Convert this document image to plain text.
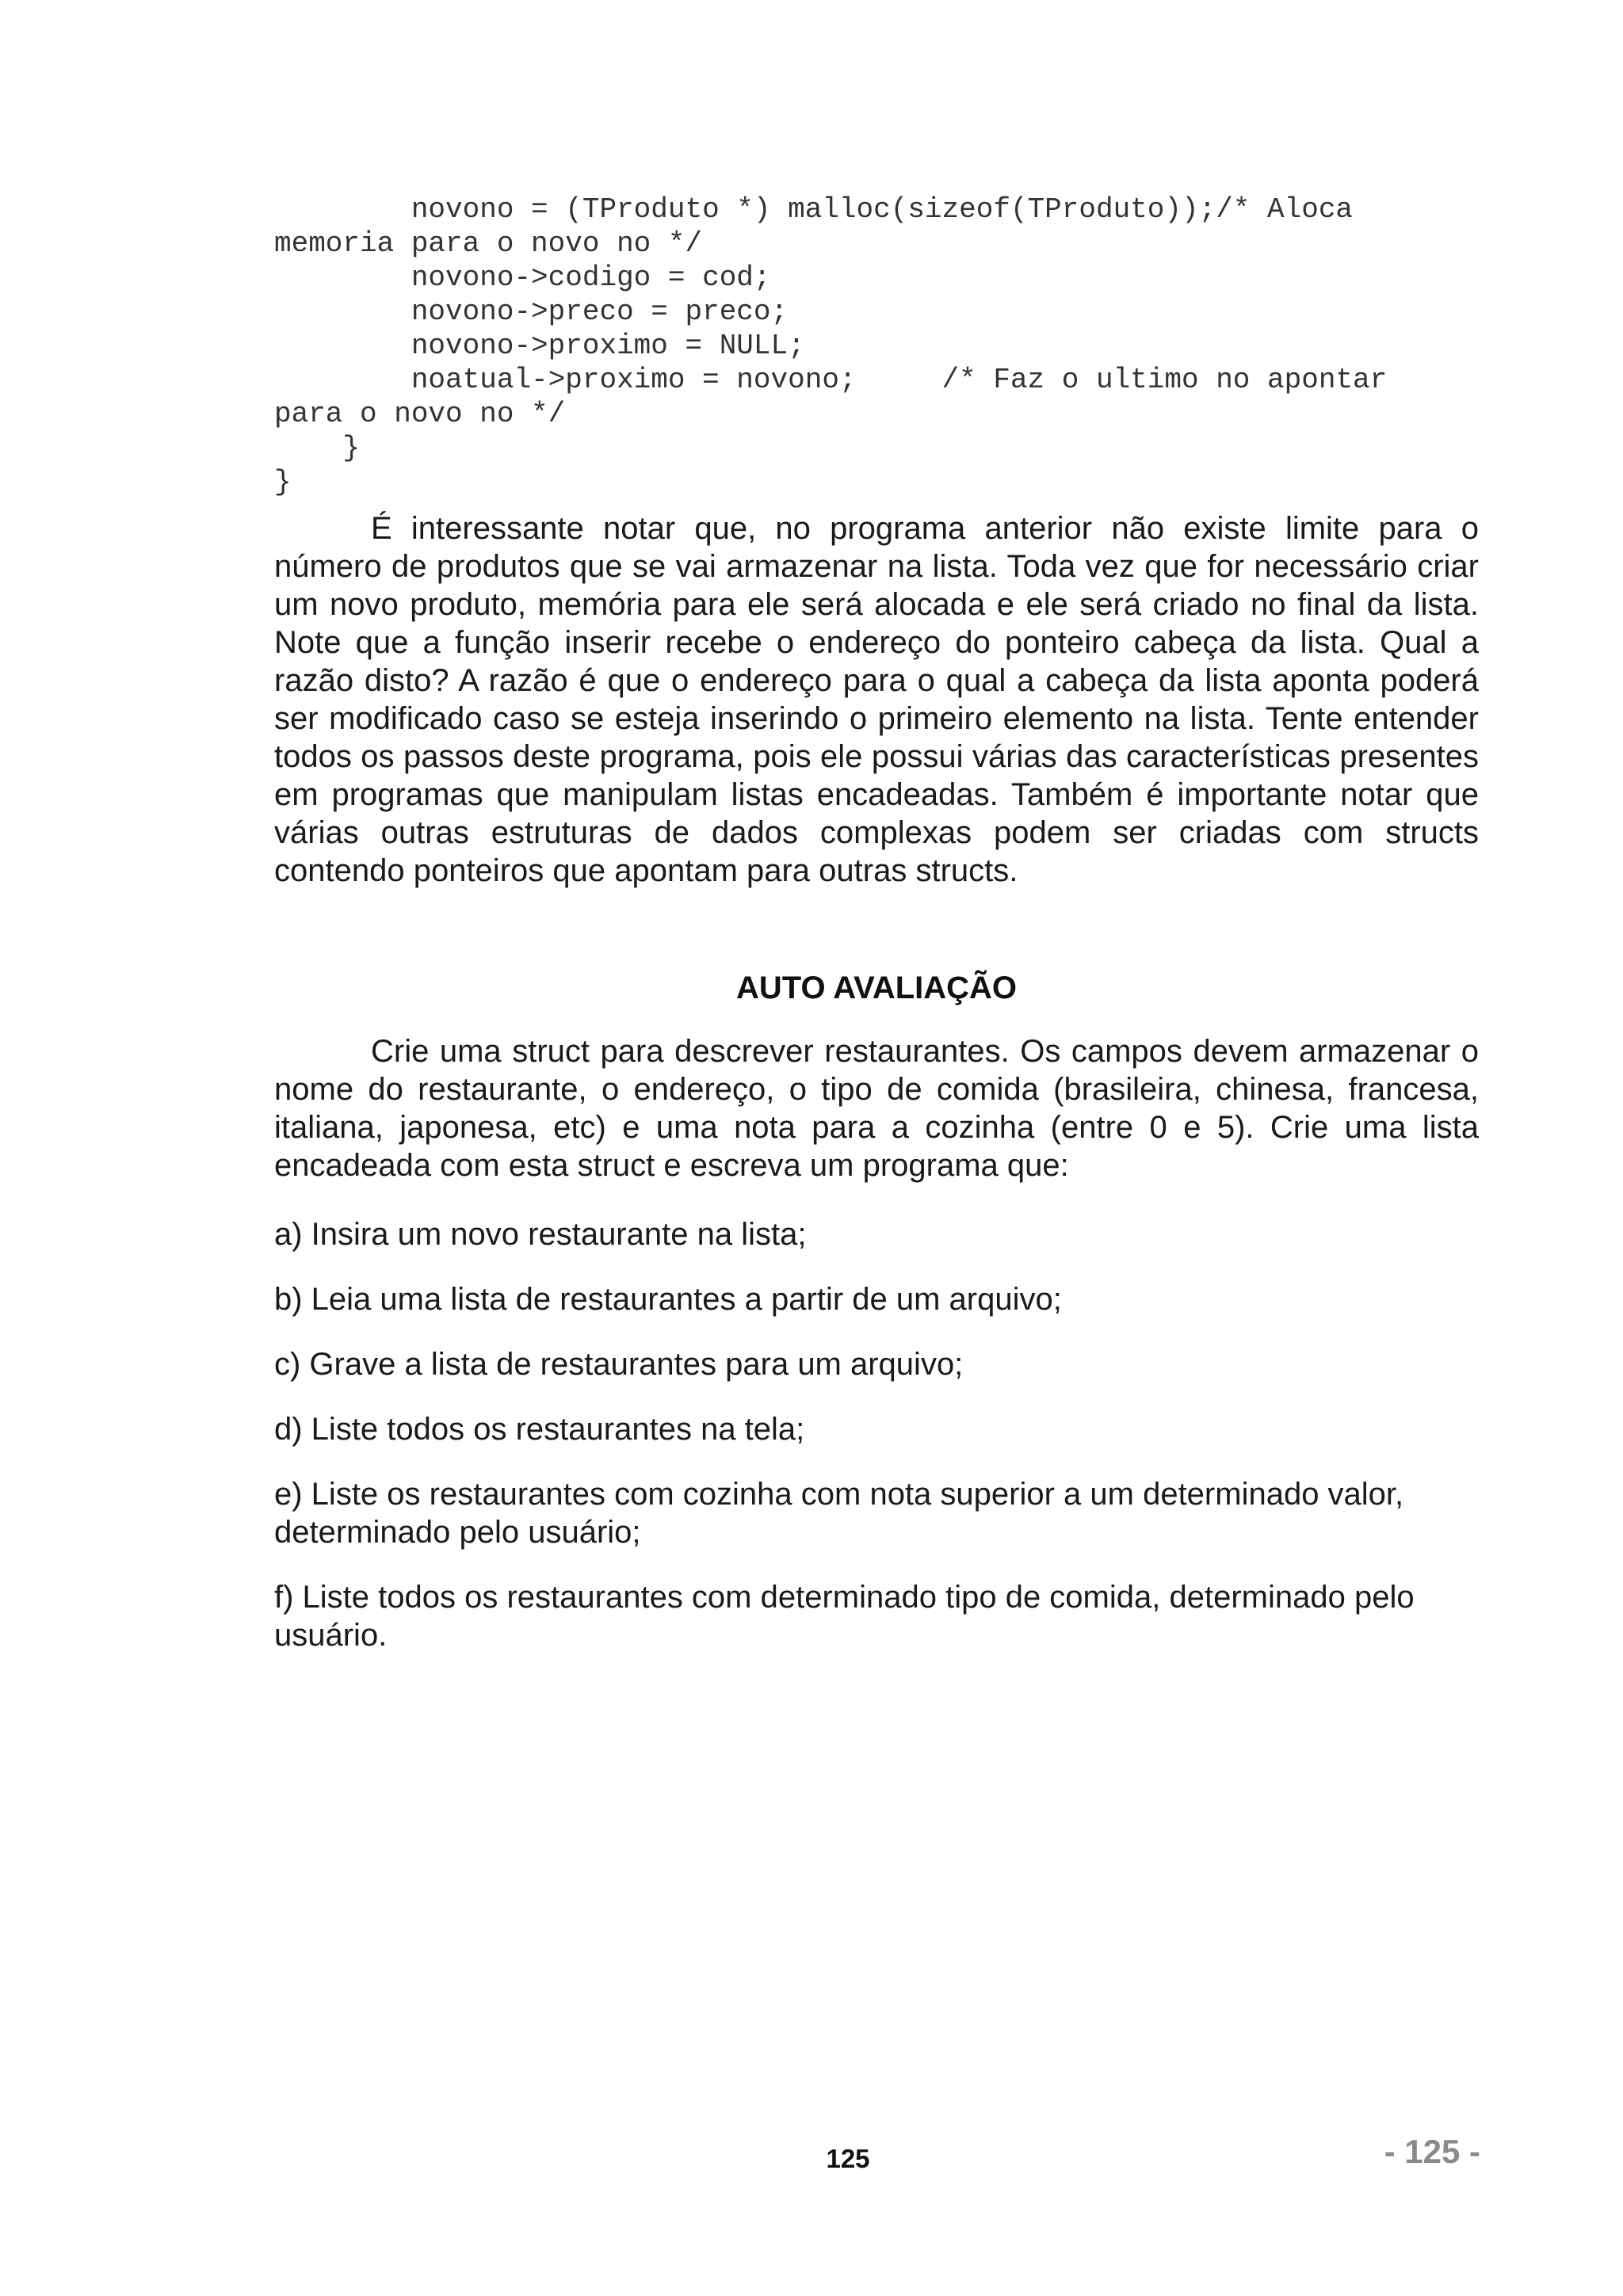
novono = (TProduto *) malloc(sizeof(TProduto));/* Aloca
memoria para o novo no */
novono->codigo = cod;
novono->preco = preco;
novono->proximo = NULL;
noatual->proximo = novono;     /* Faz o ultimo no apontar
para o novo no */
}
}

É interessante notar que, no programa anterior não existe limite para o número de produtos que se vai armazenar na lista. Toda vez que for necessário criar um novo produto, memória para ele será alocada e ele será criado no final da lista. Note que a função inserir recebe o endereço do ponteiro cabeça da lista. Qual a razão disto? A razão é que o endereço para o qual a cabeça da lista aponta poderá ser modificado caso se esteja inserindo o primeiro elemento na lista. Tente entender todos os passos deste programa, pois ele possui várias das características presentes em programas que manipulam listas encadeadas. Também é importante notar que várias outras estruturas de dados complexas podem ser criadas com structs contendo ponteiros que apontam para outras structs.

AUTO AVALIAÇÃO

Crie uma struct para descrever restaurantes. Os campos devem armazenar o nome do restaurante, o endereço, o tipo de comida (brasileira, chinesa, francesa, italiana, japonesa, etc) e uma nota para a cozinha (entre 0 e 5). Crie uma lista encadeada com esta struct e escreva um programa que:

a) Insira um novo restaurante na lista;

b) Leia uma lista de restaurantes a partir de um arquivo;

c) Grave a lista de restaurantes para um arquivo;

d) Liste todos os restaurantes na tela;

e) Liste os restaurantes com cozinha com nota superior a um determinado valor, determinado pelo usuário;

f) Liste todos os restaurantes com determinado tipo de comida, determinado pelo usuário.

125	- 125 -
